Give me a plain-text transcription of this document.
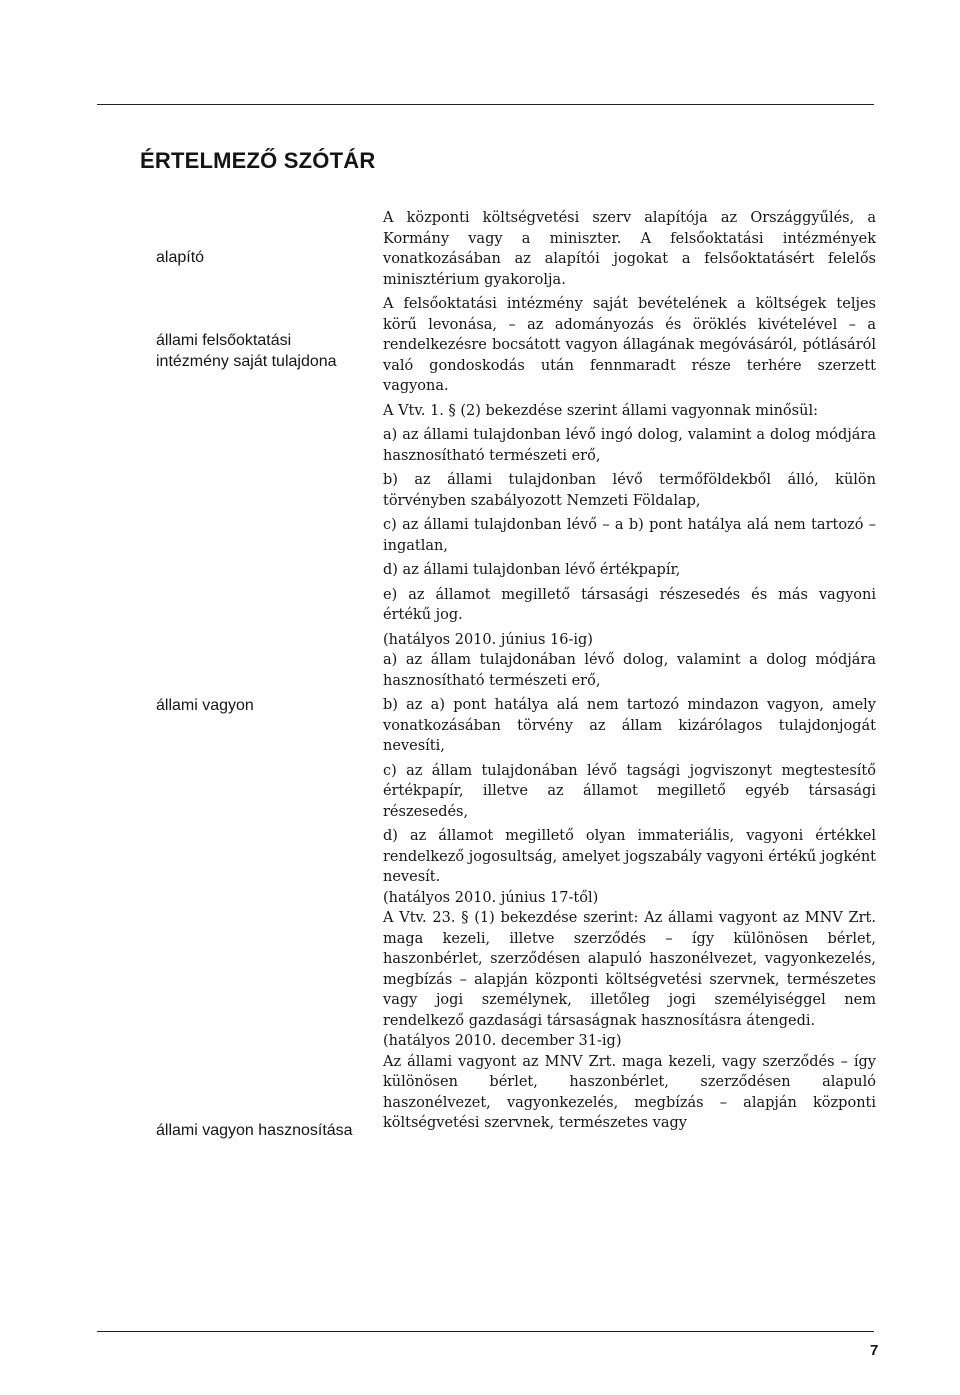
ÉRTELMEZŐ SZÓTÁR

alapító

állami felsőoktatási intézmény saját tulajdona

állami vagyon

állami vagyon hasznosítása

A központi költségvetési szerv alapítója az Országgyűlés, a Kormány vagy a miniszter. A felsőoktatási intézmények vonatkozásában az alapítói jogokat a felsőoktatásért felelős minisztérium gyakorolja.

A felsőoktatási intézmény saját bevételének a költségek teljes körű levonása, – az adományozás és öröklés kivételével – a rendelkezésre bocsátott vagyon állagának megóvásáról, pótlásáról való gondoskodás után fennmaradt része terhére szerzett vagyona.

A Vtv. 1. § (2) bekezdése szerint állami vagyonnak minősül:

a) az állami tulajdonban lévő ingó dolog, valamint a dolog módjára hasznosítható természeti erő,

b) az állami tulajdonban lévő termőföldekből álló, külön törvényben szabályozott Nemzeti Földalap,

c) az állami tulajdonban lévő – a b) pont hatálya alá nem tartozó – ingatlan,

d) az állami tulajdonban lévő értékpapír,

e) az államot megillető társasági részesedés és más vagyoni értékű jog.

(hatályos 2010. június 16-ig)

a) az állam tulajdonában lévő dolog, valamint a dolog módjára hasznosítható természeti erő,

b) az a) pont hatálya alá nem tartozó mindazon vagyon, amely vonatkozásában törvény az állam kizárólagos tulajdonjogát nevesíti,

c) az állam tulajdonában lévő tagsági jogviszonyt megtestesítő értékpapír, illetve az államot megillető egyéb társasági részesedés,

d) az államot megillető olyan immateriális, vagyoni értékkel rendelkező jogosultság, amelyet jogszabály vagyoni értékű jogként nevesít.

(hatályos 2010. június 17-től)

A Vtv. 23. § (1) bekezdése szerint: Az állami vagyont az MNV Zrt. maga kezeli, illetve szerződés – így különösen bérlet, haszonbérlet, szerződésen alapuló haszonélvezet, vagyonkezelés, megbízás – alapján központi költségvetési szervnek, természetes vagy jogi személynek, illetőleg jogi személyiséggel nem rendelkező gazdasági társaságnak hasznosításra átengedi.

(hatályos 2010. december 31-ig)

Az állami vagyont az MNV Zrt. maga kezeli, vagy szerződés – így különösen bérlet, haszonbérlet, szerződésen alapuló haszonélvezet, vagyonkezelés, megbízás – alapján központi költségvetési szervnek, természetes vagy

7
